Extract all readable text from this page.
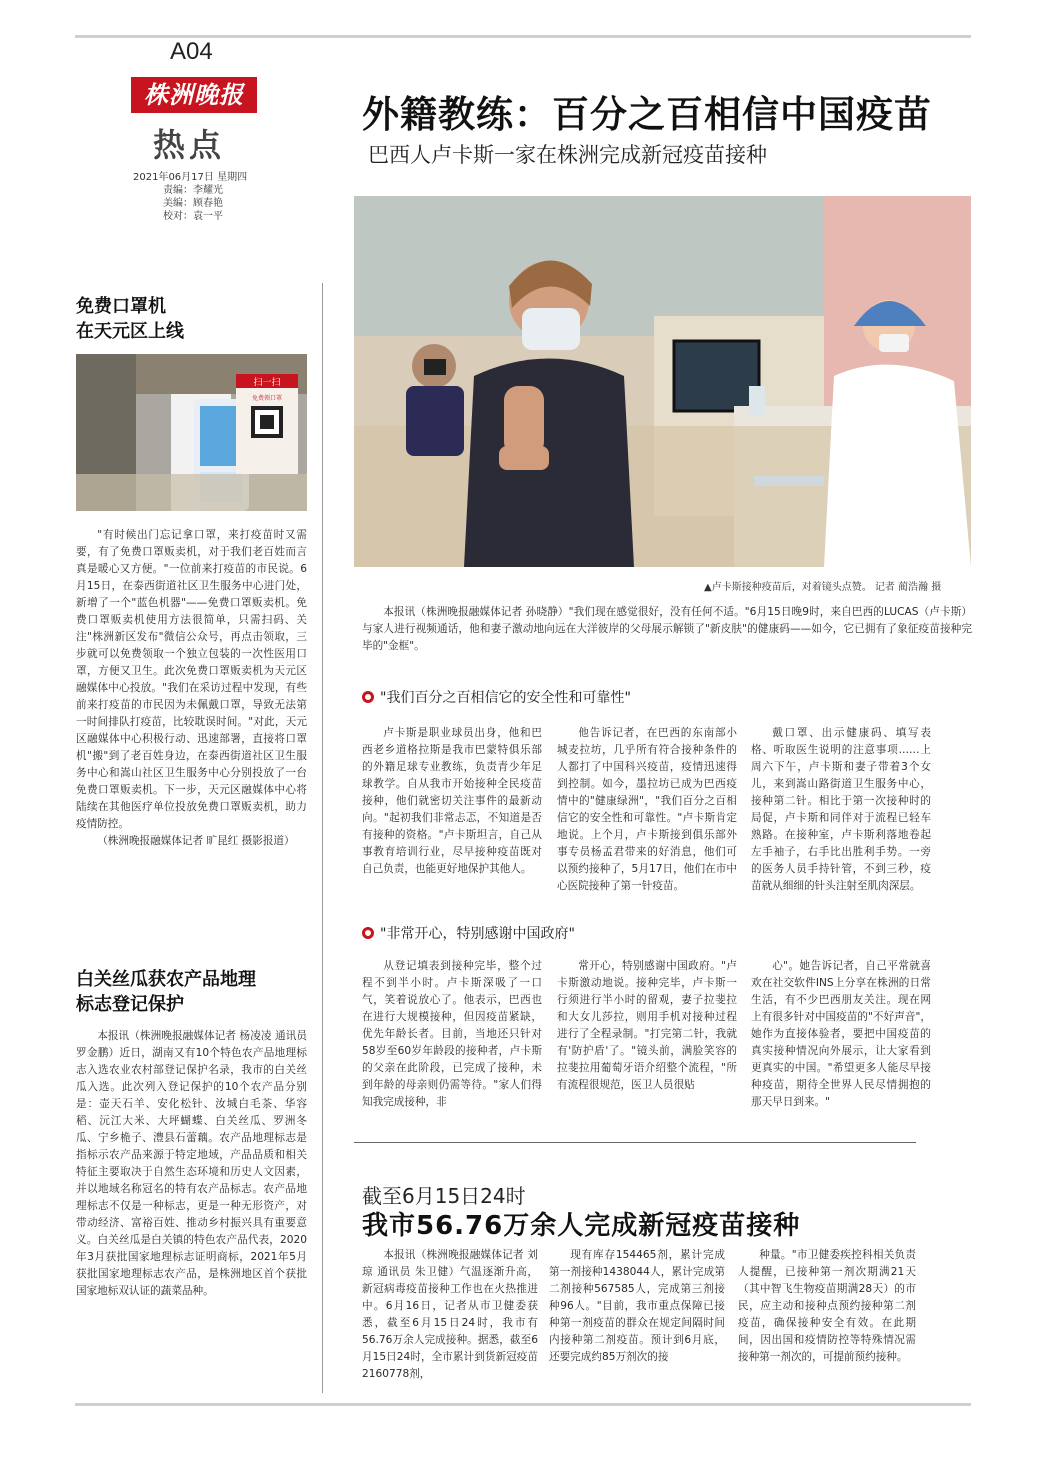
A04
株洲晚报
热点
2021年06月17日 星期四
责编：李耀光
美编：顾春艳
校对：袁一平
外籍教练：百分之百相信中国疫苗
巴西人卢卡斯一家在株洲完成新冠疫苗接种
▲卢卡斯接种疫苗后，对着镜头点赞。 记者 蔺浩瀚 摄

本报讯（株洲晚报融媒体记者 孙晓静）"我们现在感觉很好，没有任何不适。"6月15日晚9时，来自巴西的LUCAS（卢卡斯）与家人进行视频通话，他和妻子激动地向远在大洋彼岸的父母展示解锁了"新皮肤"的健康码——如今，它已拥有了象征疫苗接种完毕的"金框"。

"我们百分之百相信它的安全性和可靠性"

卢卡斯是职业球员出身，他和巴西老乡道格拉斯是我市巴蒙特俱乐部的外籍足球专业教练，负责青少年足球教学。自从我市开始接种全民疫苗接种，他们就密切关注事件的最新动向。"起初我们非常忐忑，不知道是否有接种的资格。"卢卡斯坦言，自己从事教育培训行业，尽早接种疫苗既对自己负责，也能更好地保护其他人。

他告诉记者，在巴西的东南部小城麦拉坊，几乎所有符合接种条件的人都打了中国科兴疫苗，疫情迅速得到控制。如今，墨拉坊已成为巴西疫情中的"健康绿洲"，"我们百分之百相信它的安全性和可靠性。"卢卡斯肯定地说。上个月，卢卡斯接到俱乐部外事专员杨孟君带来的好消息，他们可以预约接种了，5月17日，他们在市中心医院接种了第一针疫苗。

戴口罩、出示健康码、填写表格、听取医生说明的注意事项……上周六下午，卢卡斯和妻子带着3个女儿，来到嵩山路街道卫生服务中心，接种第二针。相比于第一次接种时的局促，卢卡斯和同伴对于流程已轻车熟路。在接种室，卢卡斯利落地卷起左手袖子，右手比出胜利手势。一旁的医务人员手持针管，不到三秒，疫苗就从细细的针头注射至肌肉深层。

"非常开心，特别感谢中国政府"

从登记填表到接种完毕，整个过程不到半小时。卢卡斯深吸了一口气，笑着说放心了。他表示，巴西也在进行大规模接种，但因疫苗紧缺，优先年龄长者。目前，当地还只针对58岁至60岁年龄段的接种者，卢卡斯的父亲在此阶段，已完成了接种，未到年龄的母亲则仍需等待。"家人们得知我完成接种，非

常开心，特别感谢中国政府。"卢卡斯激动地说。接种完毕，卢卡斯一行须进行半小时的留观，妻子拉斐拉和大女儿莎拉，则用手机对接种过程进行了全程录制。"打完第二针，我就有'防护盾'了。"镜头前，满脸笑容的拉斐拉用葡萄牙语介绍整个流程，"所有流程很规范，医卫人员很贴

心"。她告诉记者，自己平常就喜欢在社交软件INS上分享在株洲的日常生活，有不少巴西朋友关注。现在网上有很多针对中国疫苗的"不好声音"，她作为直接体验者，要把中国疫苗的真实接种情况向外展示，让大家看到更真实的中国。"希望更多人能尽早接种疫苗，期待全世界人民尽情拥抱的那天早日到来。"

截至6月15日24时
我市56.76万余人完成新冠疫苗接种

本报讯（株洲晚报融媒体记者 刘琼 通讯员 朱卫健）气温逐渐升高，新冠病毒疫苗接种工作也在火热推进中。6月16日，记者从市卫健委获悉，截至6月15日24时，我市有56.76万余人完成接种。据悉，截至6月15日24时，全市累计到货新冠疫苗2160778剂，

现有库存154465剂，累计完成第一剂接种1438044人，累计完成第二剂接种567585人，完成第三剂接种96人。"目前，我市重点保障已接种第一剂疫苗的群众在规定间隔时间内接种第二剂疫苗。预计到6月底，还要完成约85万剂次的接

种量。"市卫健委疾控科相关负责人提醒，已接种第一剂次期满21天（其中智飞生物疫苗期满28天）的市民，应主动和接种点预约接种第二剂疫苗，确保接种安全有效。在此期间，因出国和疫情防控等特殊情况需接种第一剂次的，可提前预约接种。

免费口罩机
在天元区上线
扫一扫
免费领口罩

"有时候出门忘记拿口罩，来打疫苗时又需要，有了免费口罩贩卖机，对于我们老百姓而言真是暖心又方便。"一位前来打疫苗的市民说。6月15日，在泰西街道社区卫生服务中心进门处，新增了一个"蓝色机器"——免费口罩贩卖机。免费口罩贩卖机使用方法很简单，只需扫码、关注"株洲新区发布"微信公众号，再点击领取，三步就可以免费领取一个独立包装的一次性医用口罩，方便又卫生。此次免费口罩贩卖机为天元区融媒体中心投放。"我们在采访过程中发现，有些前来打疫苗的市民因为未佩戴口罩，导致无法第一时间排队打疫苗，比较耽误时间。"对此，天元区融媒体中心积极行动、迅速部署，直接将口罩机"搬"到了老百姓身边，在泰西街道社区卫生服务中心和嵩山社区卫生服务中心分别投放了一台免费口罩贩卖机。下一步，天元区融媒体中心将陆续在其他医疗单位投放免费口罩贩卖机，助力疫情防控。

（株洲晚报融媒体记者 旷昆红 摄影报道）

白关丝瓜获农产品地理
标志登记保护

本报讯（株洲晚报融媒体记者 杨凌凌 通讯员 罗金鹏）近日，湖南又有10个特色农产品地理标志入选农业农村部登记保护名录，我市的白关丝瓜入选。此次列入登记保护的10个农产品分别是：壶天石羊、安化松针、汝城白毛茶、华容稻、沅江大米、大坪蝴蝶、白关丝瓜、罗洲冬瓜、宁乡桅子、澧县石蕾藕。农产品地理标志是指标示农产品来源于特定地域，产品品质和相关特征主要取决于自然生态环境和历史人文因素，并以地域名称冠名的特有农产品标志。农产品地理标志不仅是一种标志，更是一种无形资产，对带动经济、富裕百姓、推动乡村振兴具有重要意义。白关丝瓜是白关镇的特色农产品代表，2020年3月获批国家地理标志证明商标，2021年5月获批国家地理标志农产品，是株洲地区首个获批国家地标双认证的蔬菜品种。
